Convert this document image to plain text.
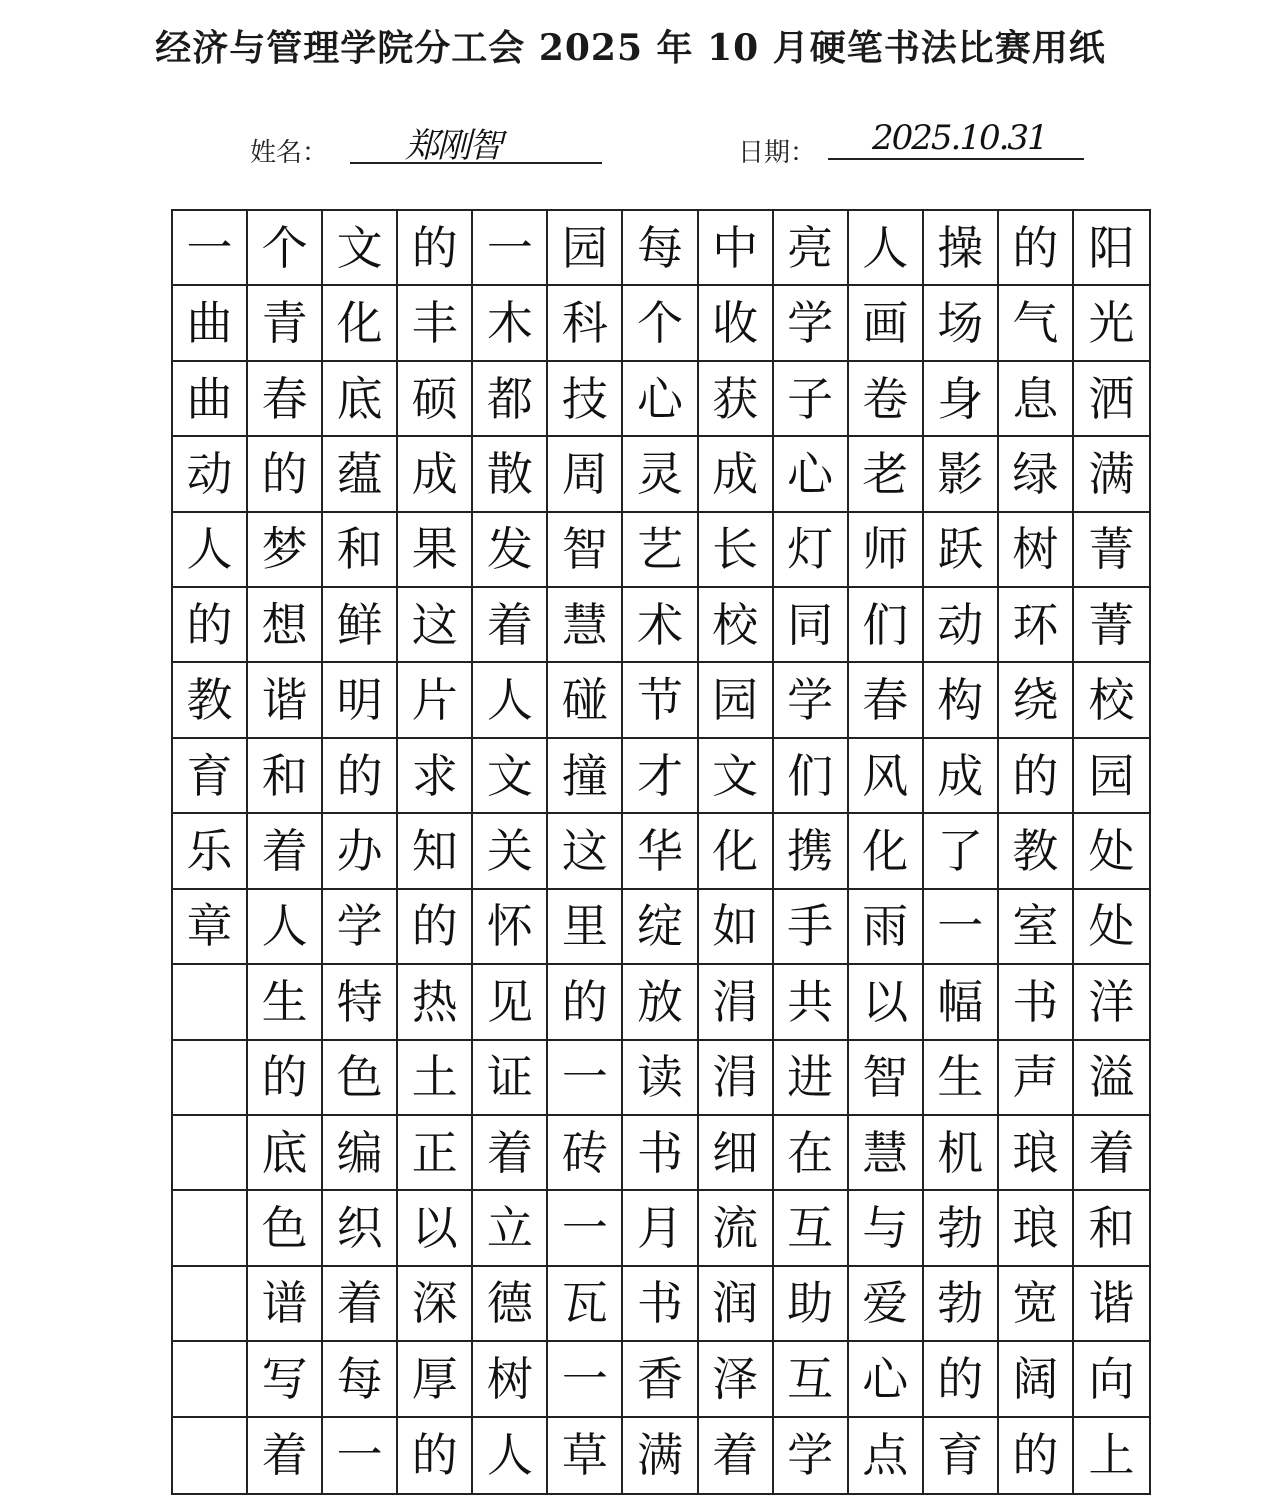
经济与管理学院分工会 2025 年 10 月硬笔书法比赛用纸
姓名： 郑刚智	日期： 2025.10.31
一 个 文 的 一 园 每 中 亮 人 操 的 阳
曲 青 化 丰 木 科 个 收 学 画 场 气 光
曲 春 底 硕 都 技 心 获 子 卷 身 息 洒
动 的 蕴 成 散 周 灵 成 心 老 影 绿 满
人 梦 和 果 发 智 艺 长 灯 师 跃 树 菁
的 想 鲜 这 着 慧 术 校 同 们 动 环 菁
教 谐 明 片 人 碰 节 园 学 春 构 绕 校
育 和 的 求 文 撞 才 文 们 风 成 的 园
乐 着 办 知 关 这 华 化 携 化 了 教 处
章 人 学 的 怀 里 绽 如 手 雨 一 室 处
生 特 热 见 的 放 涓 共 以 幅 书 洋
的 色 土 证 一 读 涓 进 智 生 声 溢
底 编 正 着 砖 书 细 在 慧 机 琅 着
色 织 以 立 一 月 流 互 与 勃 琅 和
谱 着 深 德 瓦 书 润 助 爱 勃 宽 谐
写 每 厚 树 一 香 泽 互 心 的 阔 向
着 一 的 人 草 满 着 学 点 育 的 上
